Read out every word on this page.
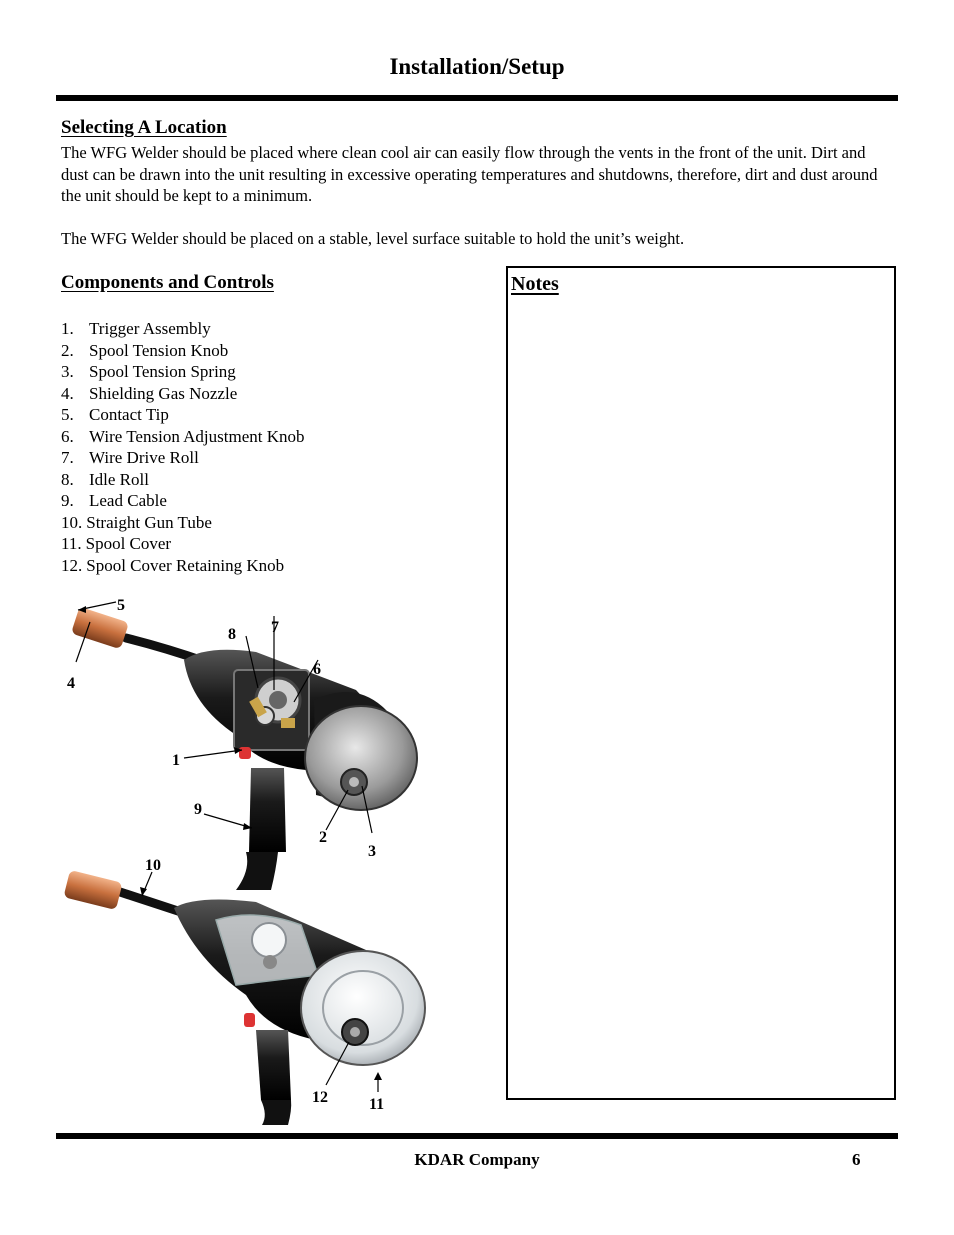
Installation/Setup
Selecting A Location
The WFG Welder should be placed where clean cool air can easily flow through the vents in the front of the unit. Dirt and dust can be drawn into the unit resulting in excessive operating temperatures and shutdowns, therefore, dirt and dust around the unit should be kept to a minimum.
The WFG Welder should be placed on a stable, level surface suitable to hold the unit’s weight.
Components and Controls
1. Trigger Assembly
2. Spool Tension Knob
3. Spool Tension Spring
4. Shielding Gas Nozzle
5. Contact Tip
6. Wire Tension Adjustment Knob
7. Wire Drive Roll
8. Idle Roll
9. Lead Cable
10. Straight Gun Tube
11. Spool Cover
12. Spool Cover Retaining Knob
Notes
5
4
7
8
6
1
9
2
3
10
12	11
KDAR Company	6
